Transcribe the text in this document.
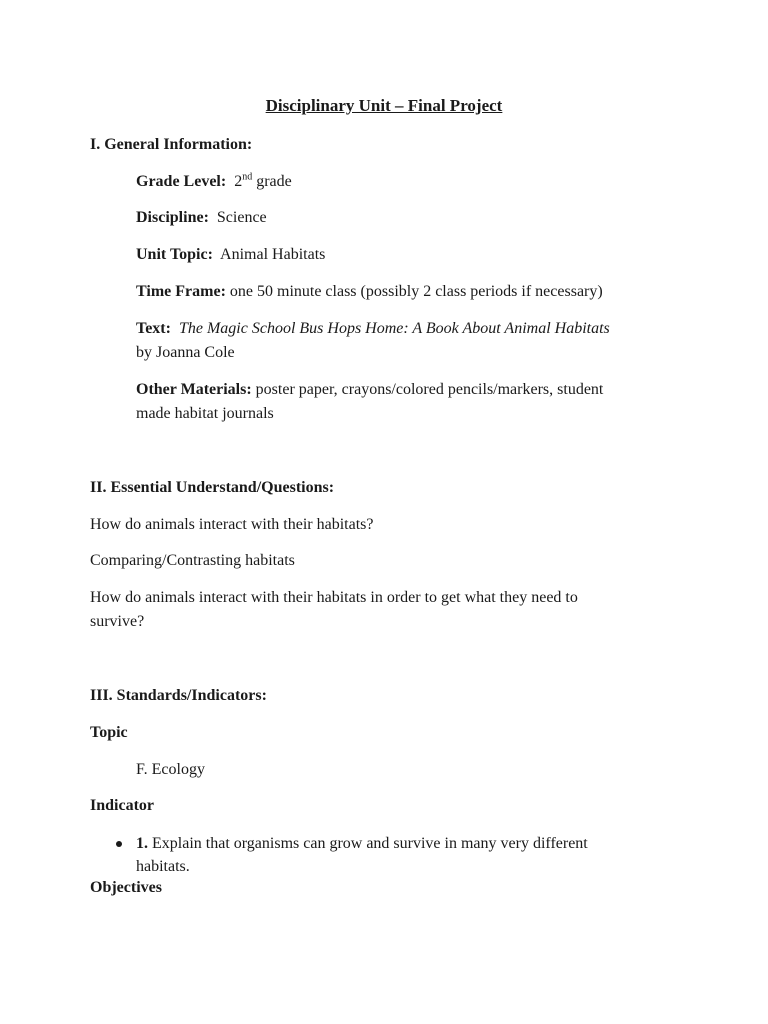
Disciplinary Unit – Final Project
I. General Information:
Grade Level: 2nd grade
Discipline: Science
Unit Topic: Animal Habitats
Time Frame: one 50 minute class (possibly 2 class periods if necessary)
Text: The Magic School Bus Hops Home: A Book About Animal Habitats
by Joanna Cole
Other Materials: poster paper, crayons/colored pencils/markers, student
made habitat journals
II. Essential Understand/Questions:
How do animals interact with their habitats?
Comparing/Contrasting habitats
How do animals interact with their habitats in order to get what they need to
survive?
III. Standards/Indicators:
Topic
F. Ecology
Indicator
1. Explain that organisms can grow and survive in many very different
habitats.
Objectives
